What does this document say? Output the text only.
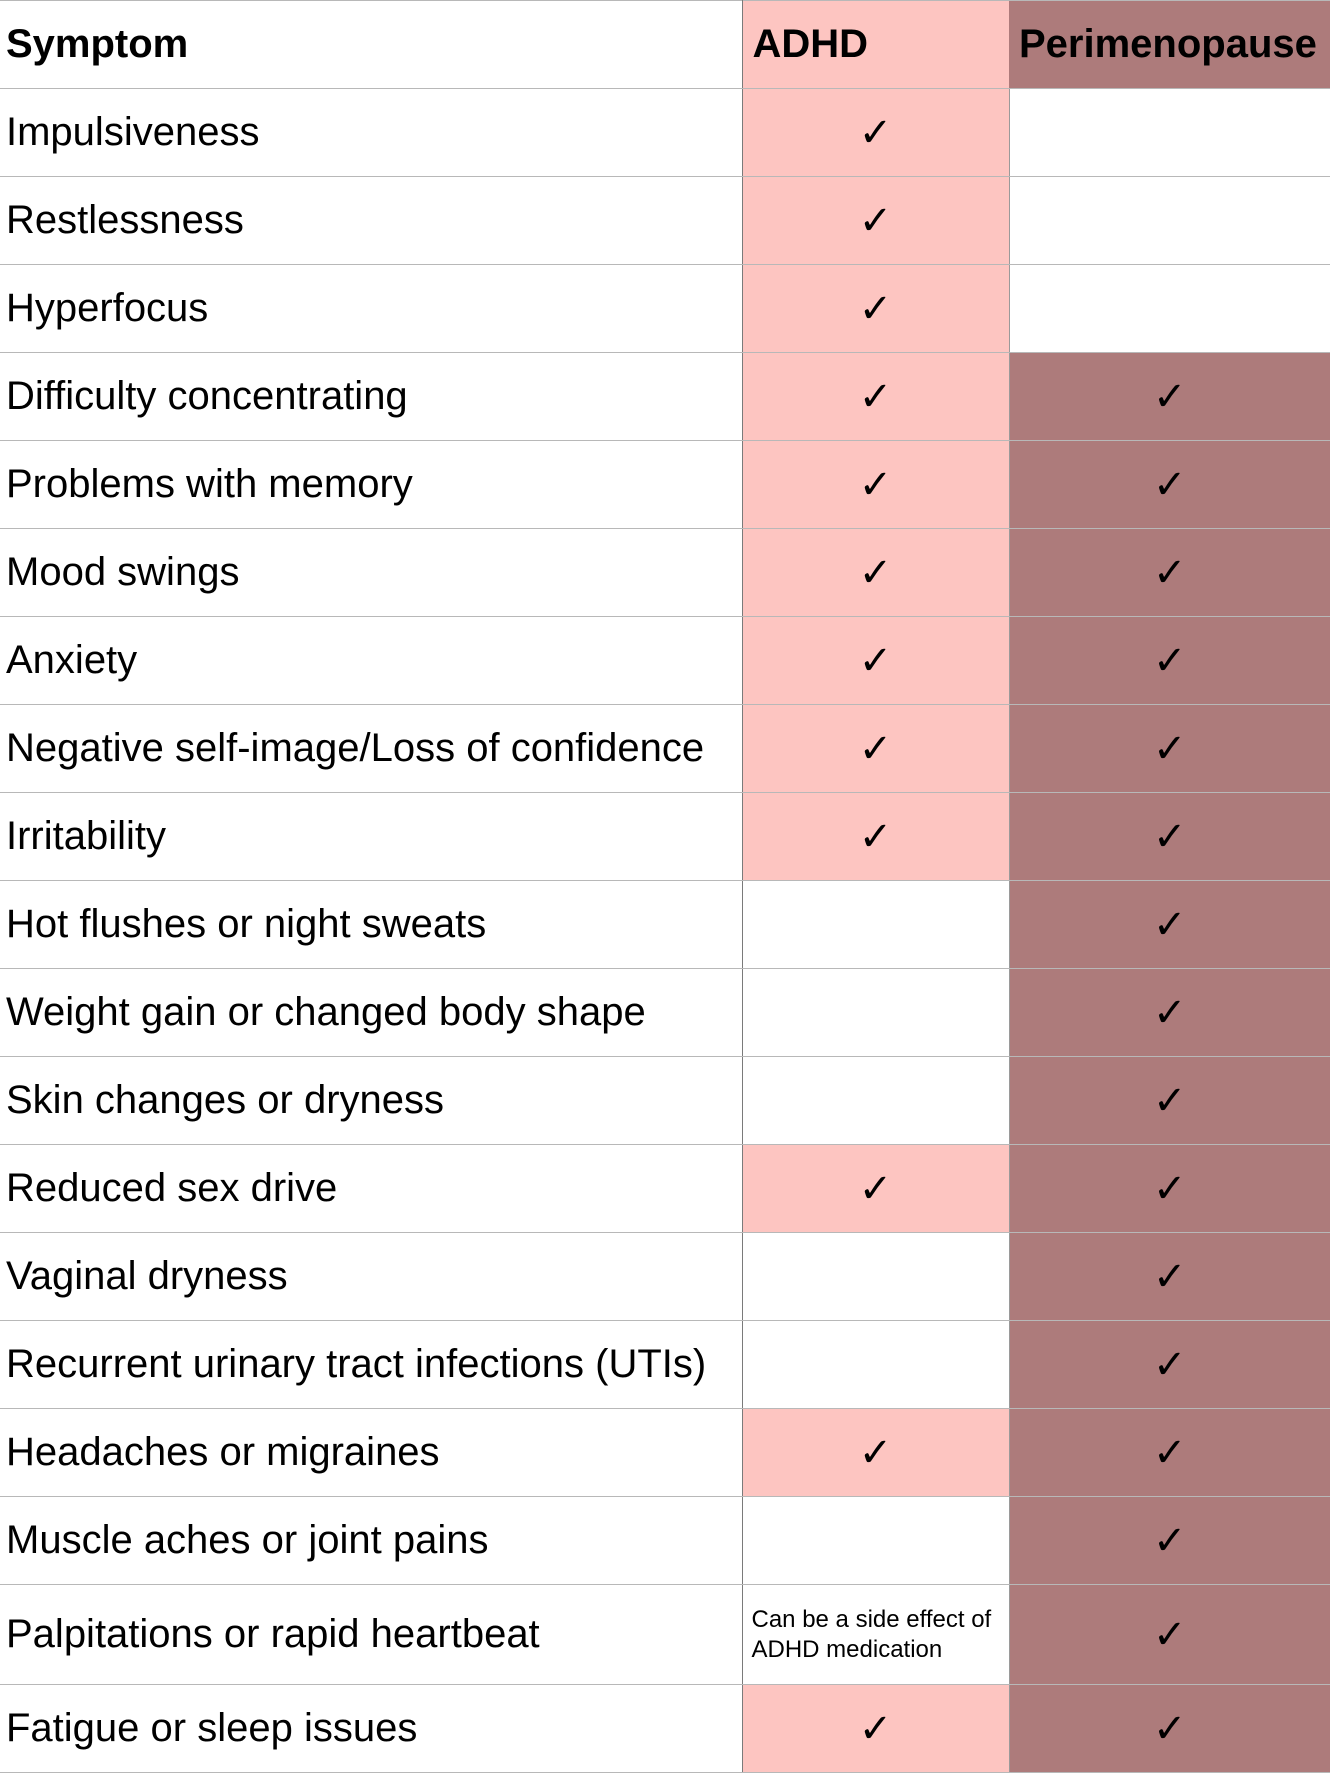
Symptom	ADHD	Perimenopause
Impulsiveness	✓	
Restlessness	✓	
Hyperfocus	✓	
Difficulty concentrating	✓	✓
Problems with memory	✓	✓
Mood swings	✓	✓
Anxiety	✓	✓
Negative self-image/Loss of confidence	✓	✓
Irritability	✓	✓
Hot flushes or night sweats		✓
Weight gain or changed body shape		✓
Skin changes or dryness		✓
Reduced sex drive	✓	✓
Vaginal dryness		✓
Recurrent urinary tract infections (UTIs)		✓
Headaches or migraines	✓	✓
Muscle aches or joint pains		✓
Palpitations or rapid heartbeat	Can be a side effect of ADHD medication	✓
Fatigue or sleep issues	✓	✓
